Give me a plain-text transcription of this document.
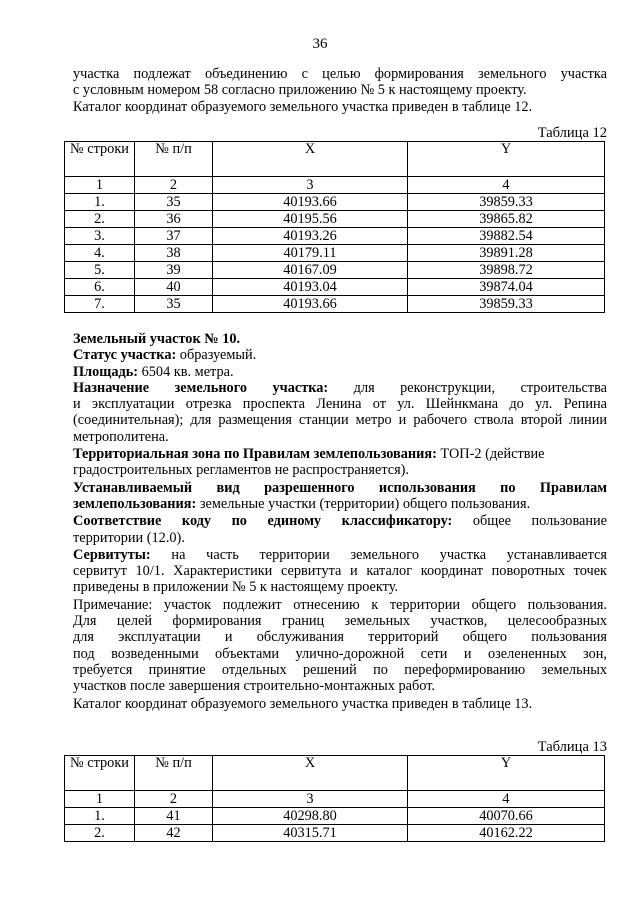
36

участка подлежат объединению с целью формирования земельного участка

с условным номером 58 согласно приложению № 5 к настоящему проекту.

Каталог координат образуемого земельного участка приведен в таблице 12.

Таблица 12
№ строки	№ п/п	X	Y
1	2	3	4
1.	35	40193.66	39859.33
2.	36	40195.56	39865.82
3.	37	40193.26	39882.54
4.	38	40179.11	39891.28
5.	39	40167.09	39898.72
6.	40	40193.04	39874.04
7.	35	40193.66	39859.33

Земельный участок № 10.

Статус участка: образуемый.

Площадь: 6504 кв. метра.

Назначение земельного участка: для реконструкции, строительства

и эксплуатации отрезка проспекта Ленина от ул. Шейнкмана до ул. Репина

(соединительная); для размещения станции метро и рабочего ствола второй линии

метрополитена.

Территориальная зона по Правилам землепользования: ТОП-2 (действие

градостроительных регламентов не распространяется).

Устанавливаемый вид разрешенного использования по Правилам

землепользования: земельные участки (территории) общего пользования.

Соответствие коду по единому классификатору: общее пользование

территории (12.0).

Сервитуты: на часть территории земельного участка устанавливается

сервитут 10/1. Характеристики сервитута и каталог координат поворотных точек

приведены в приложении № 5 к настоящему проекту.

Примечание: участок подлежит отнесению к территории общего пользования.

Для целей формирования границ земельных участков, целесообразных

для эксплуатации и обслуживания территорий общего пользования

под возведенными объектами улично-дорожной сети и озелененных зон,

требуется принятие отдельных решений по переформированию земельных

участков после завершения строительно-монтажных работ.

Каталог координат образуемого земельного участка приведен в таблице 13.

Таблица 13
№ строки	№ п/п	X	Y
1	2	3	4
1.	41	40298.80	40070.66
2.	42	40315.71	40162.22
